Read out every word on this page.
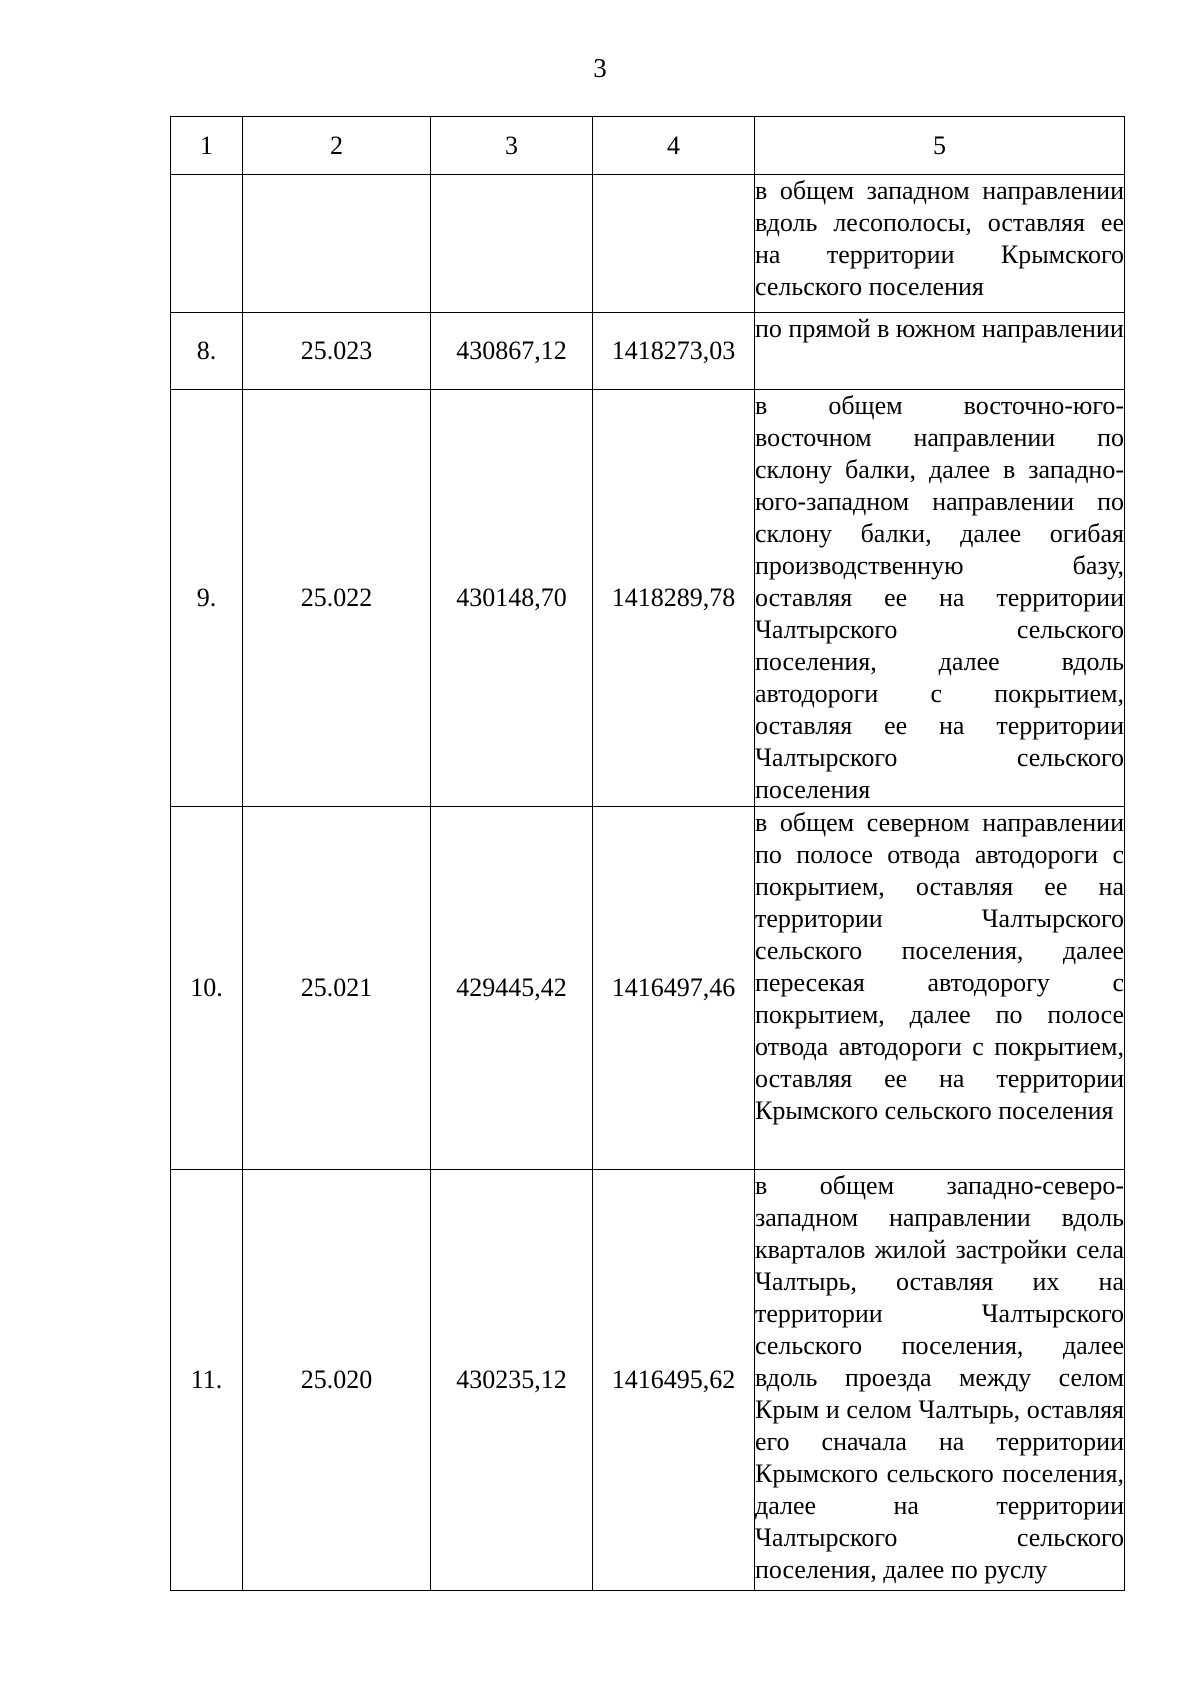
3
1	2	3	4	5
				в общем западном направлении вдоль лесополосы, оставляя ее на территории Крымского сельского поселения
8.	25.023	430867,12	1418273,03	по прямой в южном направлении
9.	25.022	430148,70	1418289,78	в общем восточно-юго-восточном направлении по склону балки, далее в западно-юго-западном направлении по склону балки, далее огибая производственную базу, оставляя ее на территории Чалтырского сельского поселения, далее вдоль автодороги с покрытием, оставляя ее на территории Чалтырского сельского поселения
10.	25.021	429445,42	1416497,46	в общем северном направлении по полосе отвода автодороги с покрытием, оставляя ее на территории Чалтырского сельского поселения, далее пересекая автодорогу с покрытием, далее по полосе отвода автодороги с покрытием, оставляя ее на территории Крымского сельского поселения
11.	25.020	430235,12	1416495,62	в общем западно-северо-западном направлении вдоль кварталов жилой застройки села Чалтырь, оставляя их на территории Чалтырского сельского поселения, далее вдоль проезда между селом Крым и селом Чалтырь, оставляя его сначала на территории Крымского сельского поселения, далее на территории Чалтырского сельского поселения, далее по руслу
